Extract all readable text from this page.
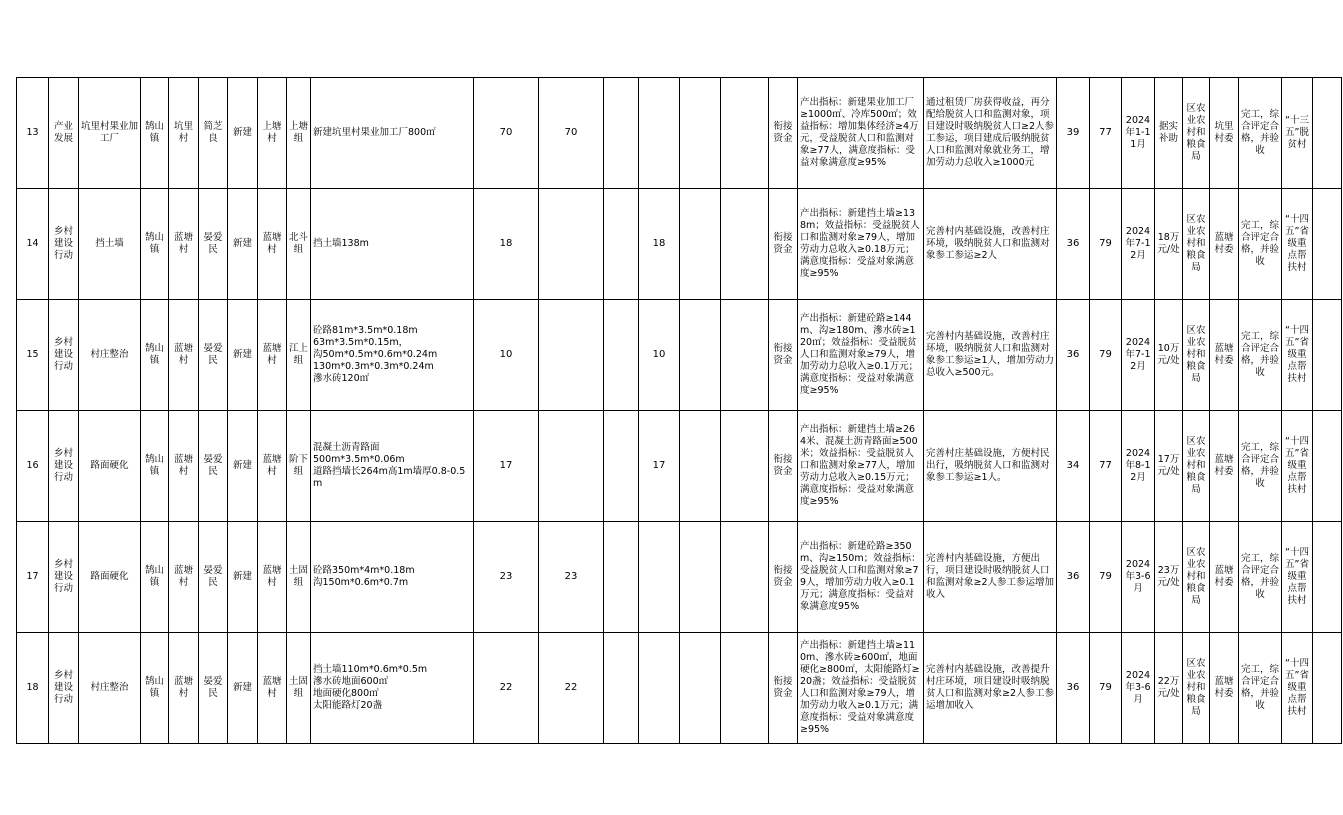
13	产业发展	坑里村果业加工厂	鹄山镇	坑里村	简芝良	新建	上塘村	上塘组	新建坑里村果业加工厂800㎡	70	70					衔接资金	产出指标：新建果业加工厂≥1000㎡、冷库500㎡；效益指标：增加集体经济≥4万元，受益脱贫人口和监测对象≥77人，满意度指标：受益对象满意度≥95%	通过租赁厂房获得收益，再分配给脱贫人口和监测对象，项目建设时吸纳脱贫人口≥2人参工参运，项目建成后吸纳脱贫人口和监测对象就业务工，增加劳动力总收入≥1000元	39	77	2024年1-11月	据实补助	区农业农村和粮食局	坑里村委	完工，综合评定合格，并验收	“十三五”脱贫村	
14	乡村建设行动	挡土墙	鹄山镇	蓝塘村	晏爱民	新建	蓝塘村	北斗组	挡土墙138m	18			18			衔接资金	产出指标：新建挡土墙≥138m；效益指标：受益脱贫人口和监测对象≥79人，增加劳动力总收入≥0.18万元；满意度指标：受益对象满意度≥95%	完善村内基础设施，改善村庄环境，吸纳脱贫人口和监测对象参工参运≥2人	36	79	2024年7-12月	18万元/处	区农业农村和粮食局	蓝塘村委	完工，综合评定合格，并验收	“十四五”省级重点帮扶村	
15	乡村建设行动	村庄整治	鹄山镇	蓝塘村	晏爱民	新建	蓝塘村	江上组	砼路81m*3.5m*0.18m
63m*3.5m*0.15m，
沟50m*0.5m*0.6m*0.24m
130m*0.3m*0.3m*0.24m
滲水砖120㎡	10			10			衔接资金	产出指标：新建砼路≥144m、沟≥180m、滲水砖≥120㎡；效益指标：受益脱贫人口和监测对象≥79人，增加劳动力总收入≥0.1万元；满意度指标：受益对象满意度≥95%	完善村内基础设施，改善村庄环境，吸纳脱贫人口和监测对象参工参运≥1人，增加劳动力总收入≥500元。	36	79	2024年7-12月	10万元/处	区农业农村和粮食局	蓝塘村委	完工，综合评定合格，并验收	“十四五”省级重点帮扶村	
16	乡村建设行动	路面硬化	鹄山镇	蓝塘村	晏爱民	新建	蓝塘村	阶下组	混凝土沥青路面
500m*3.5m*0.06m
道路挡墙长264m高1m墙厚0.8-0.5m	17			17			衔接资金	产出指标：新建挡土墙≥264米、混凝土沥青路面≥500米；效益指标：受益脱贫人口和监测对象≥77人，增加劳动力总收入≥0.15万元；满意度指标：受益对象满意度≥95%	完善村庄基础设施，方便村民出行，吸纳脱贫人口和监测对象参工参运≥1人。	34	77	2024年8-12月	17万元/处	区农业农村和粮食局	蓝塘村委	完工，综合评定合格，并验收	“十四五”省级重点帮扶村	
17	乡村建设行动	路面硬化	鹄山镇	蓝塘村	晏爱民	新建	蓝塘村	土固组	砼路350m*4m*0.18m
沟150m*0.6m*0.7m	23	23					衔接资金	产出指标：新建砼路≥350m、沟≥150m；效益指标：受益脱贫人口和监测对象≥79人，增加劳动力收入≥0.1万元；满意度指标：受益对象满意度95%	完善村内基础设施，方便出行，项目建设时吸纳脱贫人口和监测对象≥2人参工参运增加收入	36	79	2024年3-6月	23万元/处	区农业农村和粮食局	蓝塘村委	完工，综合评定合格，并验收	“十四五”省级重点帮扶村	
18	乡村建设行动	村庄整治	鹄山镇	蓝塘村	晏爱民	新建	蓝塘村	土固组	挡土墙110m*0.6m*0.5m
滲水砖地面600㎡
地面硬化800㎡
太阳能路灯20盏	22	22					衔接资金	产出指标：新建挡土墙≥110m、滲水砖≥600㎡，地面硬化≥800㎡，太阳能路灯≥20盏；效益指标：受益脱贫人口和监测对象≥79人，增加劳动力收入≥0.1万元；满意度指标：受益对象满意度≥95%	完善村内基础设施，改善提升村庄环境，项目建设时吸纳脱贫人口和监测对象≥2人参工参运增加收入	36	79	2024年3-6月	22万元/处	区农业农村和粮食局	蓝塘村委	完工，综合评定合格，并验收	“十四五”省级重点帮扶村	
